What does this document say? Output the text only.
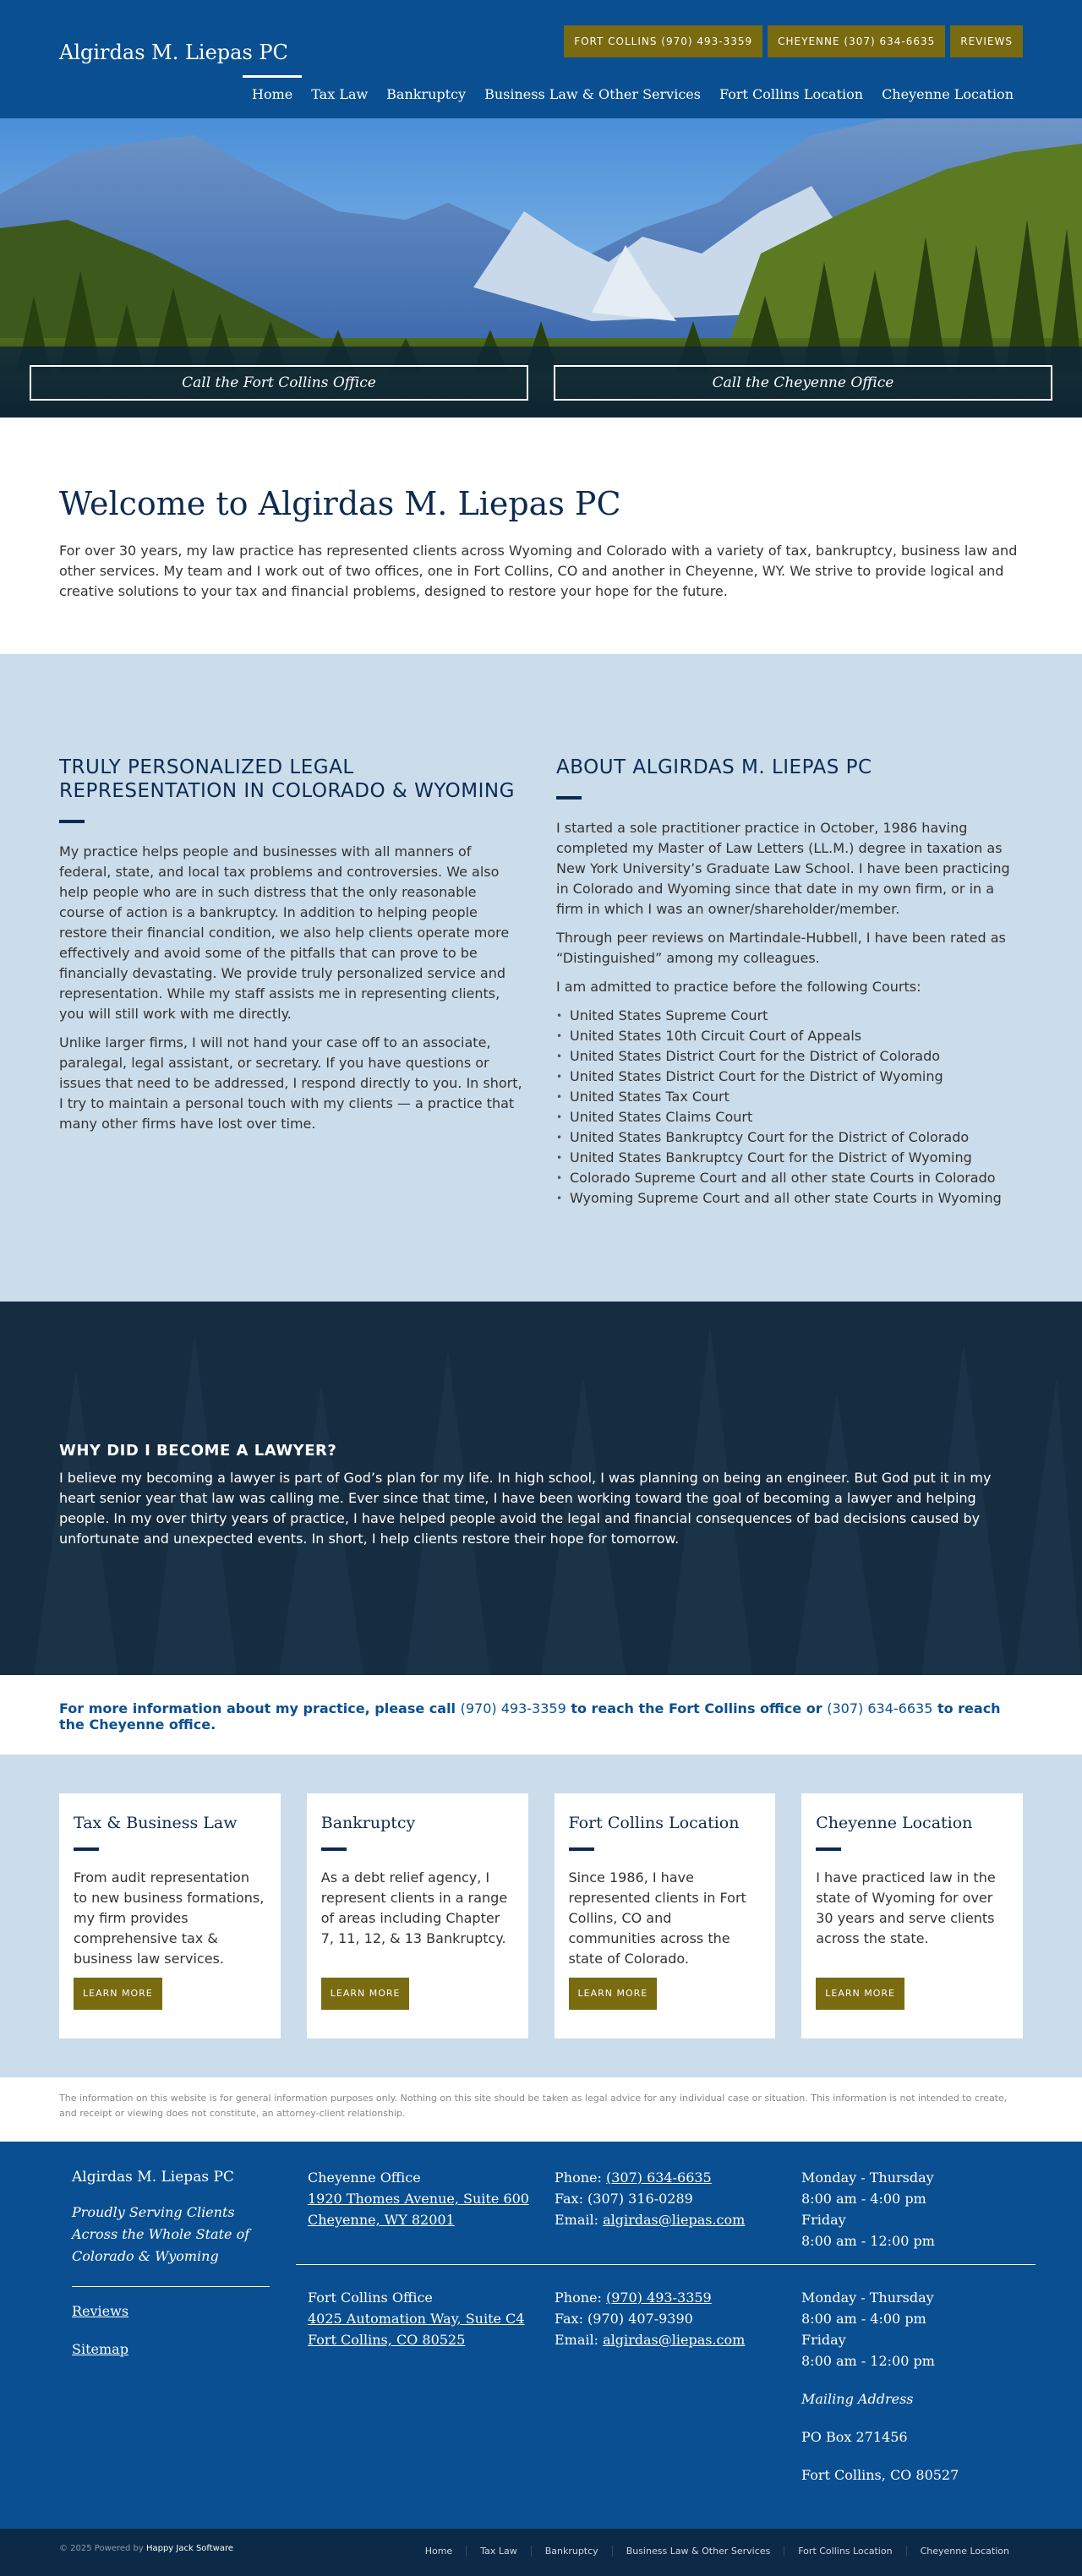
Algirdas M. Liepas PC	FORT COLLINS (970) 493-3359	CHEYENNE (307) 634-6635	REVIEWS
Home	Tax Law	Bankruptcy	Business Law & Other Services	Fort Collins Location	Cheyenne Location
Call the Fort Collins Office	Call the Cheyenne Office
Welcome to Algirdas M. Liepas PC

For over 30 years, my law practice has represented clients across Wyoming and Colorado with a variety of tax, bankruptcy, business law and other services. My team and I work out of two offices, one in Fort Collins, CO and another in Cheyenne, WY. We strive to provide logical and creative solutions to your tax and financial problems, designed to restore your hope for the future.

TRULY PERSONALIZED LEGAL REPRESENTATION IN COLORADO & WYOMING

My practice helps people and businesses with all manners of federal, state, and local tax problems and controversies. We also help people who are in such distress that the only reasonable course of action is a bankruptcy. In addition to helping people restore their financial condition, we also help clients operate more effectively and avoid some of the pitfalls that can prove to be financially devastating. We provide truly personalized service and representation. While my staff assists me in representing clients, you will still work with me directly.

Unlike larger firms, I will not hand your case off to an associate, paralegal, legal assistant, or secretary. If you have questions or issues that need to be addressed, I respond directly to you. In short, I try to maintain a personal touch with my clients — a practice that many other firms have lost over time.

ABOUT ALGIRDAS M. LIEPAS PC

I started a sole practitioner practice in October, 1986 having completed my Master of Law Letters (LL.M.) degree in taxation as New York University’s Graduate Law School. I have been practicing in Colorado and Wyoming since that date in my own firm, or in a firm in which I was an owner/shareholder/member.

Through peer reviews on Martindale-Hubbell, I have been rated as “Distinguished” among my colleagues.

I am admitted to practice before the following Courts:

• United States Supreme Court
• United States 10th Circuit Court of Appeals
• United States District Court for the District of Colorado
• United States District Court for the District of Wyoming
• United States Tax Court
• United States Claims Court
• United States Bankruptcy Court for the District of Colorado
• United States Bankruptcy Court for the District of Wyoming
• Colorado Supreme Court and all other state Courts in Colorado
• Wyoming Supreme Court and all other state Courts in Wyoming
WHY DID I BECOME A LAWYER?

I believe my becoming a lawyer is part of God’s plan for my life. In high school, I was planning on being an engineer. But God put it in my heart senior year that law was calling me. Ever since that time, I have been working toward the goal of becoming a lawyer and helping people. In my over thirty years of practice, I have helped people avoid the legal and financial consequences of bad decisions caused by unfortunate and unexpected events. In short, I help clients restore their hope for tomorrow.

For more information about my practice, please call (970) 493-3359 to reach the Fort Collins office or (307) 634-6635 to reach the Cheyenne office.
Tax & Business Law

From audit representation to new business formations, my firm provides comprehensive tax & business law services.

LEARN MORE
Bankruptcy

As a debt relief agency, I represent clients in a range of areas including Chapter 7, 11, 12, & 13 Bankruptcy.

LEARN MORE
Fort Collins Location

Since 1986, I have represented clients in Fort Collins, CO and communities across the state of Colorado.

LEARN MORE
Cheyenne Location

I have practiced law in the state of Wyoming for over 30 years and serve clients across the state.

LEARN MORE
The information on this website is for general information purposes only. Nothing on this site should be taken as legal advice for any individual case or situation. This information is not intended to create, and receipt or viewing does not constitute, an attorney-client relationship.
Algirdas M. Liepas PC
Proudly Serving Clients Across the Whole State of Colorado & Wyoming
Reviews
Sitemap
Cheyenne Office
1920 Thomes Avenue, Suite 600
Cheyenne, WY 82001
Phone: (307) 634-6635
Fax: (307) 316-0289
Email: algirdas@liepas.com
Monday - Thursday
8:00 am - 4:00 pm
Friday
8:00 am - 12:00 pm
Fort Collins Office
4025 Automation Way, Suite C4
Fort Collins, CO 80525
Phone: (970) 493-3359
Fax: (970) 407-9390
Email: algirdas@liepas.com
Monday - Thursday
8:00 am - 4:00 pm
Friday
8:00 am - 12:00 pm
Mailing Address
PO Box 271456
Fort Collins, CO 80527
© 2025 Powered by Happy Jack Software	Home	Tax Law	Bankruptcy	Business Law & Other Services	Fort Collins Location	Cheyenne Location
